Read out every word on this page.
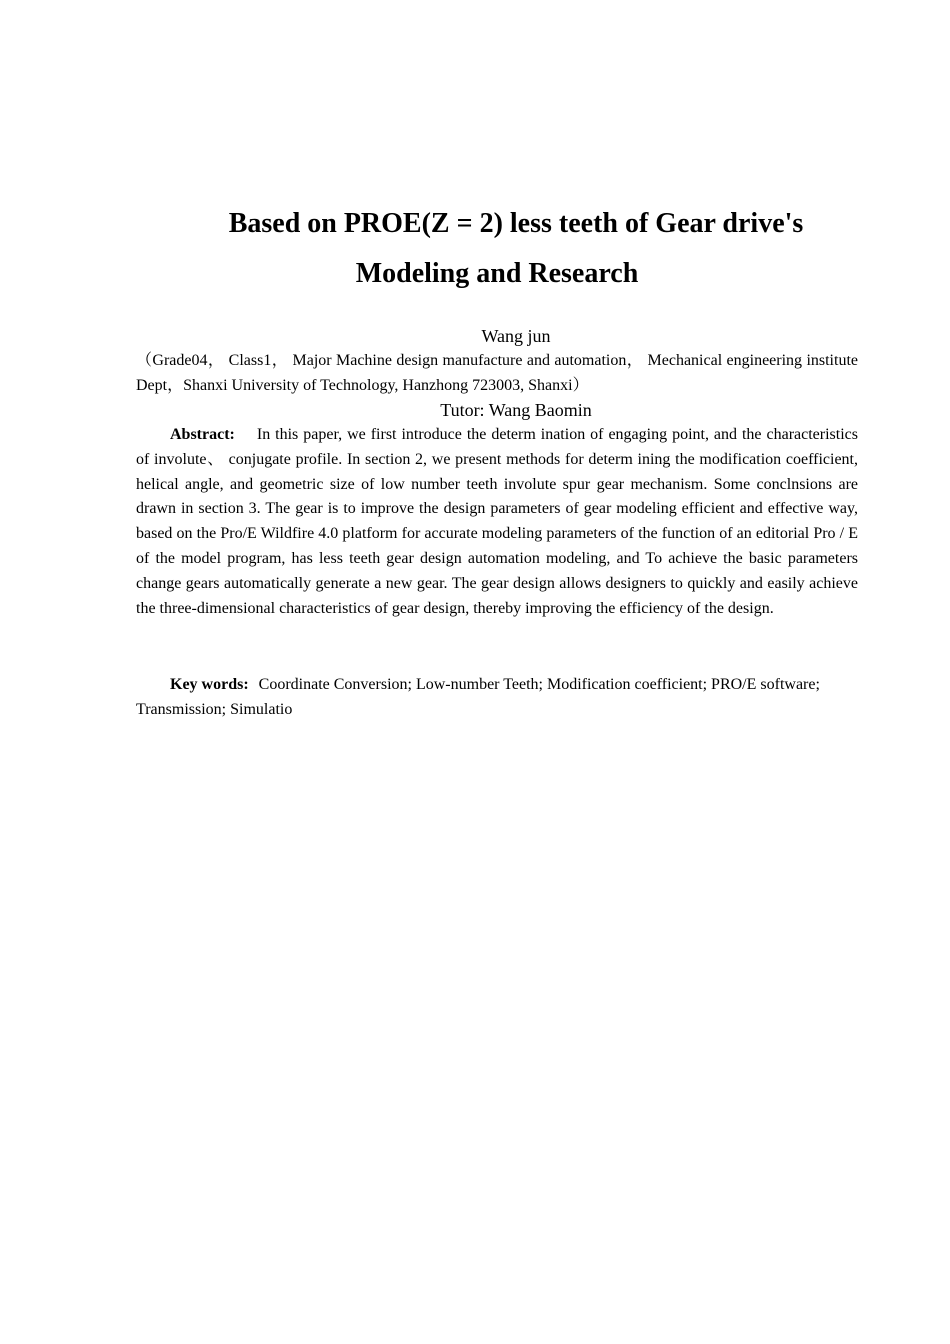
Based on PROE(Z = 2) less teeth of Gear drive's
Modeling and Research

Wang jun

（Grade04， Class1， Major Machine design manufacture and automation， Mechanical engineering institute Dept，Shanxi University of Technology, Hanzhong 723003, Shanxi）

Tutor: Wang Baomin

Abstract: In this paper, we first introduce the determ ination of engaging point, and the characteristics of involute、 conjugate profile. In section 2, we present methods for determ ining the modification coefficient, helical angle, and geometric size of low number teeth involute spur gear mechanism. Some conclnsions are drawn in section 3. The gear is to improve the design parameters of gear modeling efficient and effective way, based on the Pro/E Wildfire 4.0 platform for accurate modeling parameters of the function of an editorial Pro / E of the model program, has less teeth gear design automation modeling, and To achieve the basic parameters change gears automatically generate a new gear. The gear design allows designers to quickly and easily achieve the three-dimensional characteristics of gear design, thereby improving the efficiency of the design.

Key words: Coordinate Conversion; Low-number Teeth; Modification coefficient; PRO/E software; Transmission; Simulatio
